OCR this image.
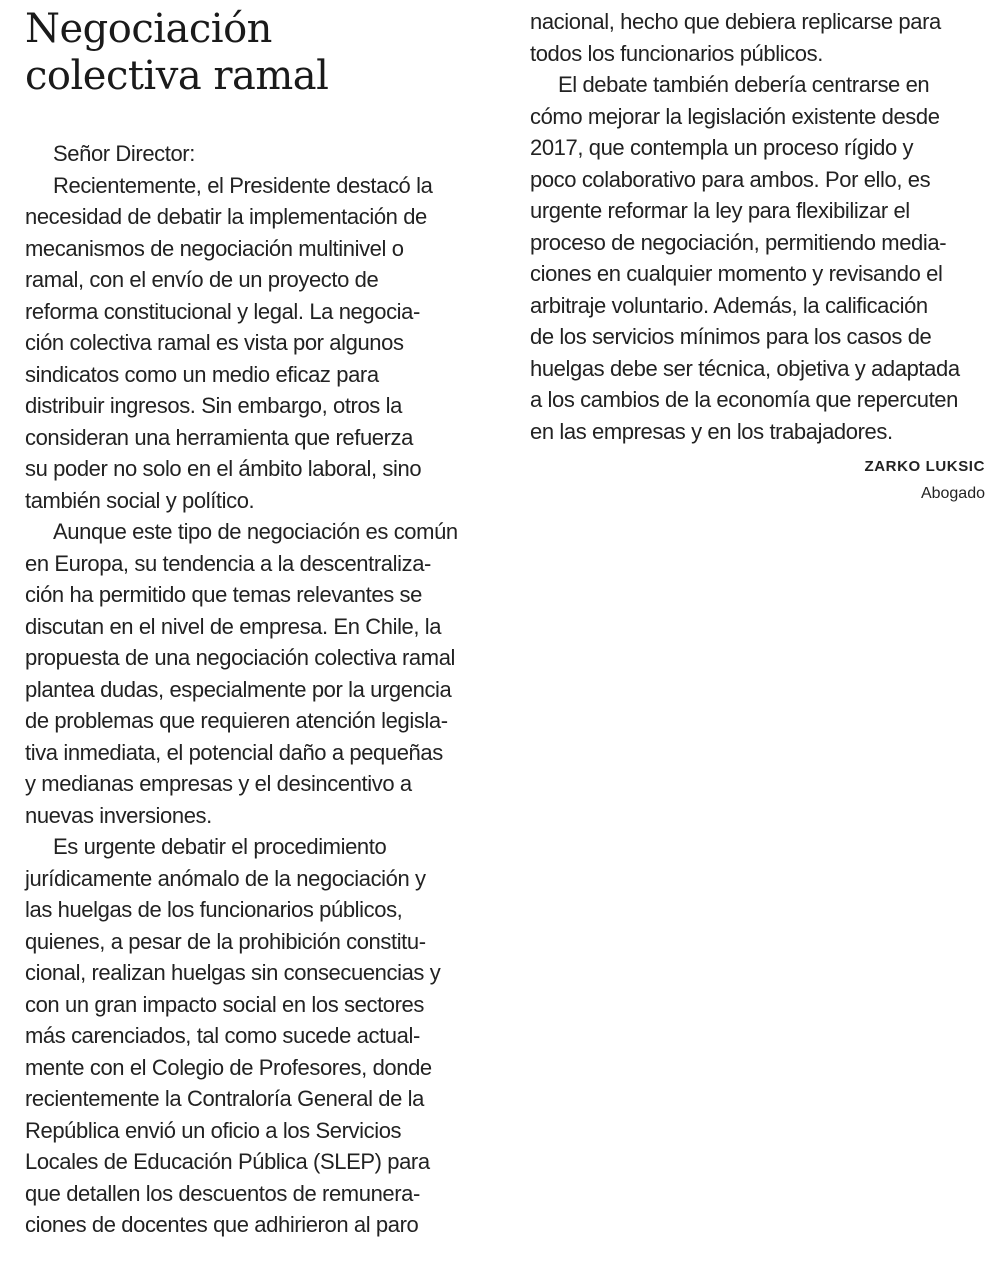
Negociación
colectiva ramal
Señor Director:
Recientemente, el Presidente destacó la
necesidad de debatir la implementación de
mecanismos de negociación multinivel o
ramal, con el envío de un proyecto de
reforma constitucional y legal. La negocia-
ción colectiva ramal es vista por algunos
sindicatos como un medio eficaz para
distribuir ingresos. Sin embargo, otros la
consideran una herramienta que refuerza
su poder no solo en el ámbito laboral, sino
también social y político.
Aunque este tipo de negociación es común
en Europa, su tendencia a la descentraliza-
ción ha permitido que temas relevantes se
discutan en el nivel de empresa. En Chile, la
propuesta de una negociación colectiva ramal
plantea dudas, especialmente por la urgencia
de problemas que requieren atención legisla-
tiva inmediata, el potencial daño a pequeñas
y medianas empresas y el desincentivo a
nuevas inversiones.
Es urgente debatir el procedimiento
jurídicamente anómalo de la negociación y
las huelgas de los funcionarios públicos,
quienes, a pesar de la prohibición constitu-
cional, realizan huelgas sin consecuencias y
con un gran impacto social en los sectores
más carenciados, tal como sucede actual-
mente con el Colegio de Profesores, donde
recientemente la Contraloría General de la
República envió un oficio a los Servicios
Locales de Educación Pública (SLEP) para
que detallen los descuentos de remunera-
ciones de docentes que adhirieron al paro
nacional, hecho que debiera replicarse para
todos los funcionarios públicos.
El debate también debería centrarse en
cómo mejorar la legislación existente desde
2017, que contempla un proceso rígido y
poco colaborativo para ambos. Por ello, es
urgente reformar la ley para flexibilizar el
proceso de negociación, permitiendo media-
ciones en cualquier momento y revisando el
arbitraje voluntario. Además, la calificación
de los servicios mínimos para los casos de
huelgas debe ser técnica, objetiva y adaptada
a los cambios de la economía que repercuten
en las empresas y en los trabajadores.
ZARKO LUKSIC
Abogado
